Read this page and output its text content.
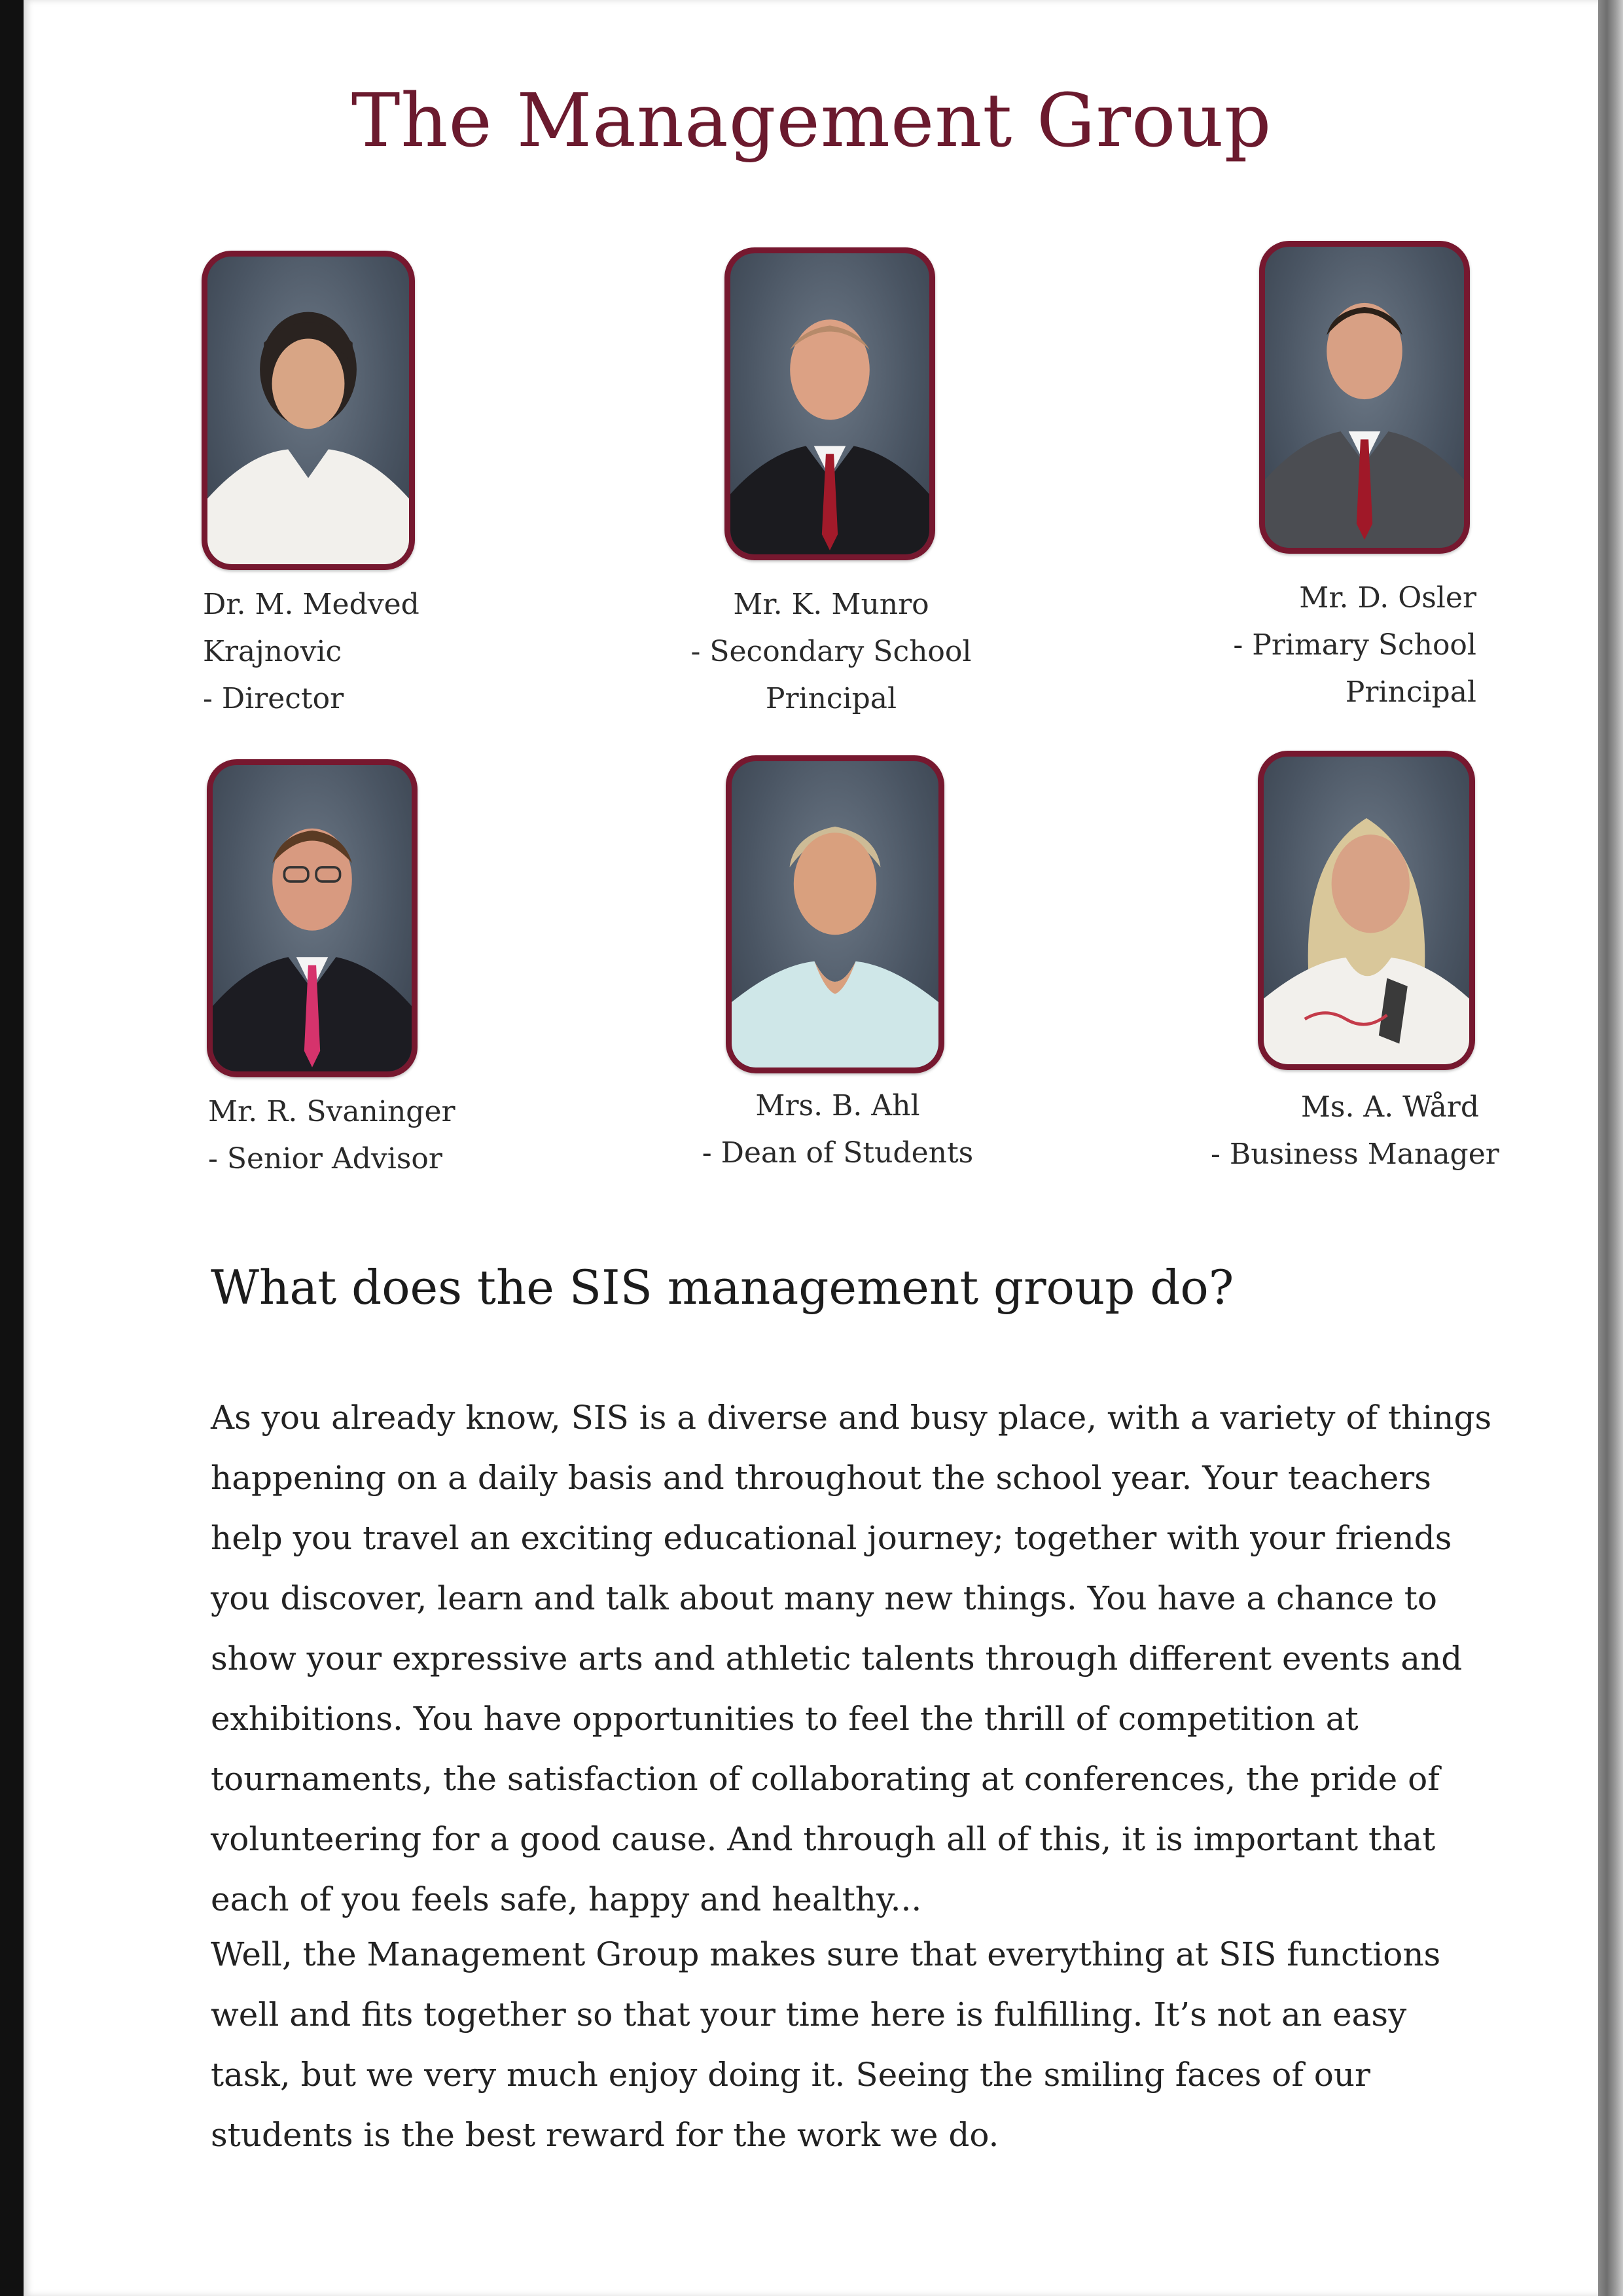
The Management Group
Dr. M. Medved
Krajnovic
- Director
Mr. K. Munro
- Secondary School
Principal
Mr. D. Osler
- Primary School
Principal
Mr. R. Svaninger
- Senior Advisor
Mrs. B. Ahl
- Dean of Students
Ms. A. Wård
- Business Manager
What does the SIS management group do?

As you already know, SIS is a diverse and busy place, with a variety of things happening on a daily basis and throughout the school year. Your teachers help you travel an exciting educational journey; together with your friends you discover, learn and talk about many new things. You have a chance to show your expressive arts and athletic talents through different events and exhibitions. You have opportunities to feel the thrill of competition at tournaments, the satisfaction of collaborating at conferences, the pride of volunteering for a good cause. And through all of this, it is important that each of you feels safe, happy and healthy...

Well, the Management Group makes sure that everything at SIS functions well and fits together so that your time here is fulfilling. It’s not an easy task, but we very much enjoy doing it. Seeing the smiling faces of our students is the best reward for the work we do.
